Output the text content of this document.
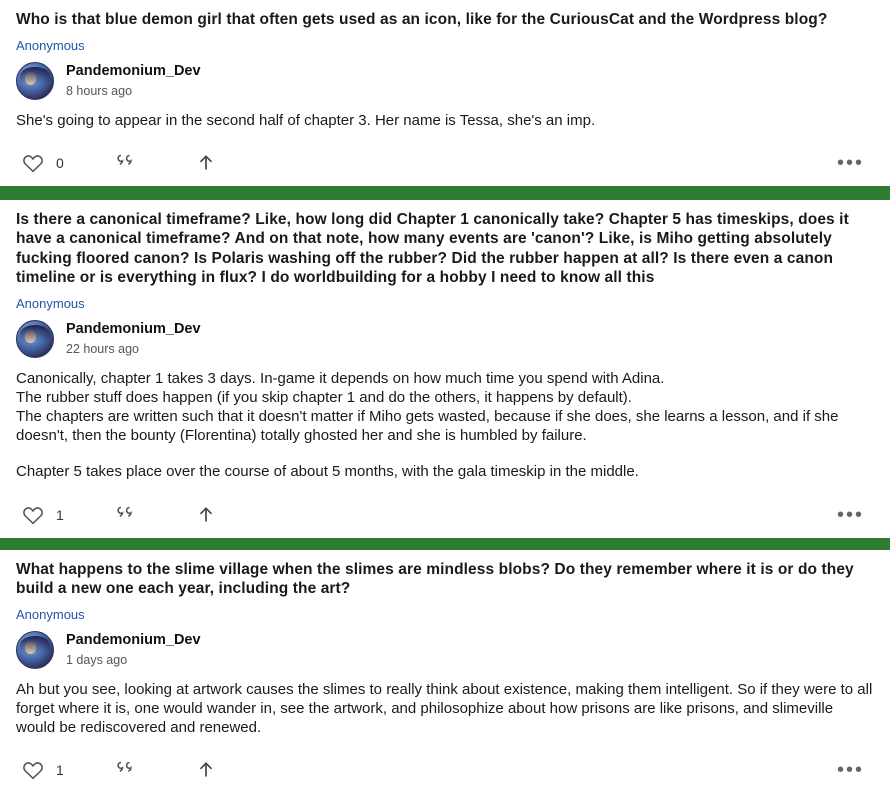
Who is that blue demon girl that often gets used as an icon, like for the CuriousCat and the Wordpress blog?
Anonymous
Pandemonium_Dev
8 hours ago

She's going to appear in the second half of chapter 3. Her name is Tessa, she's an imp.

0	•••
Is there a canonical timeframe? Like, how long did Chapter 1 canonically take? Chapter 5 has timeskips, does it have a canonical timeframe? And on that note, how many events are 'canon'? Like, is Miho getting absolutely fucking floored canon? Is Polaris washing off the rubber? Did the rubber happen at all? Is there even a canon timeline or is everything in flux? I do worldbuilding for a hobby I need to know all this
Anonymous
Pandemonium_Dev
22 hours ago

Canonically, chapter 1 takes 3 days. In-game it depends on how much time you spend with Adina.

The rubber stuff does happen (if you skip chapter 1 and do the others, it happens by default).

The chapters are written such that it doesn't matter if Miho gets wasted, because if she does, she learns a lesson, and if she doesn't, then the bounty (Florentina) totally ghosted her and she is humbled by failure.

Chapter 5 takes place over the course of about 5 months, with the gala timeskip in the middle.

1	•••
What happens to the slime village when the slimes are mindless blobs? Do they remember where it is or do they build a new one each year, including the art?
Anonymous
Pandemonium_Dev
1 days ago

Ah but you see, looking at artwork causes the slimes to really think about existence, making them intelligent. So if they were to all forget where it is, one would wander in, see the artwork, and philosophize about how prisons are like prisons, and slimeville would be rediscovered and renewed.

1	•••
